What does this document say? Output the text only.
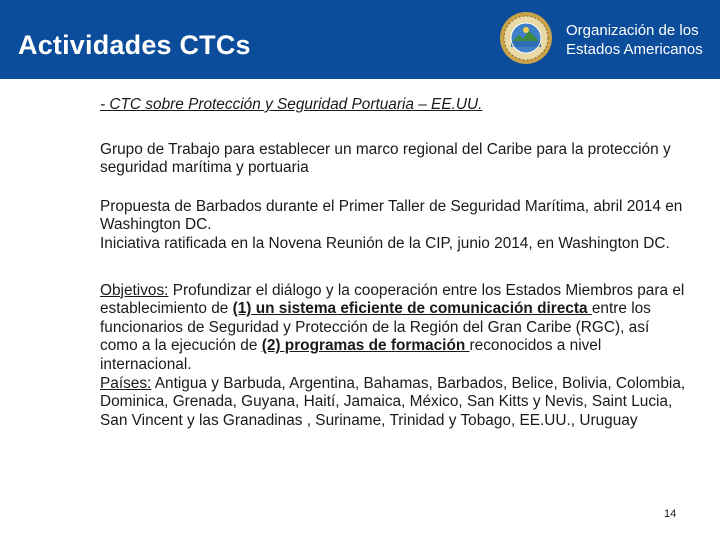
Actividades CTCs	Organización de los
Estados Americanos

- CTC sobre Protección y Seguridad Portuaria – EE.UU.

Grupo de Trabajo para establecer un marco regional del Caribe para la protección y seguridad marítima y portuaria

Propuesta de Barbados durante el Primer Taller de Seguridad Marítima, abril 2014 en Washington DC.

Iniciativa ratificada en la Novena Reunión de la CIP, junio 2014, en Washington DC.

Objetivos: Profundizar el diálogo y la cooperación entre los Estados Miembros para el establecimiento de (1) un sistema eficiente de comunicación directa entre los funcionarios de Seguridad y Protección de la Región del Gran Caribe (RGC), así como a la ejecución de (2) programas de formación reconocidos a nivel internacional.

Países: Antigua y Barbuda, Argentina, Bahamas, Barbados, Belice, Bolivia, Colombia, Dominica, Grenada, Guyana, Haití, Jamaica, México, San Kitts y Nevis, Saint Lucia, San Vincent y las Granadinas , Suriname, Trinidad y Tobago, EE.UU., Uruguay

14
